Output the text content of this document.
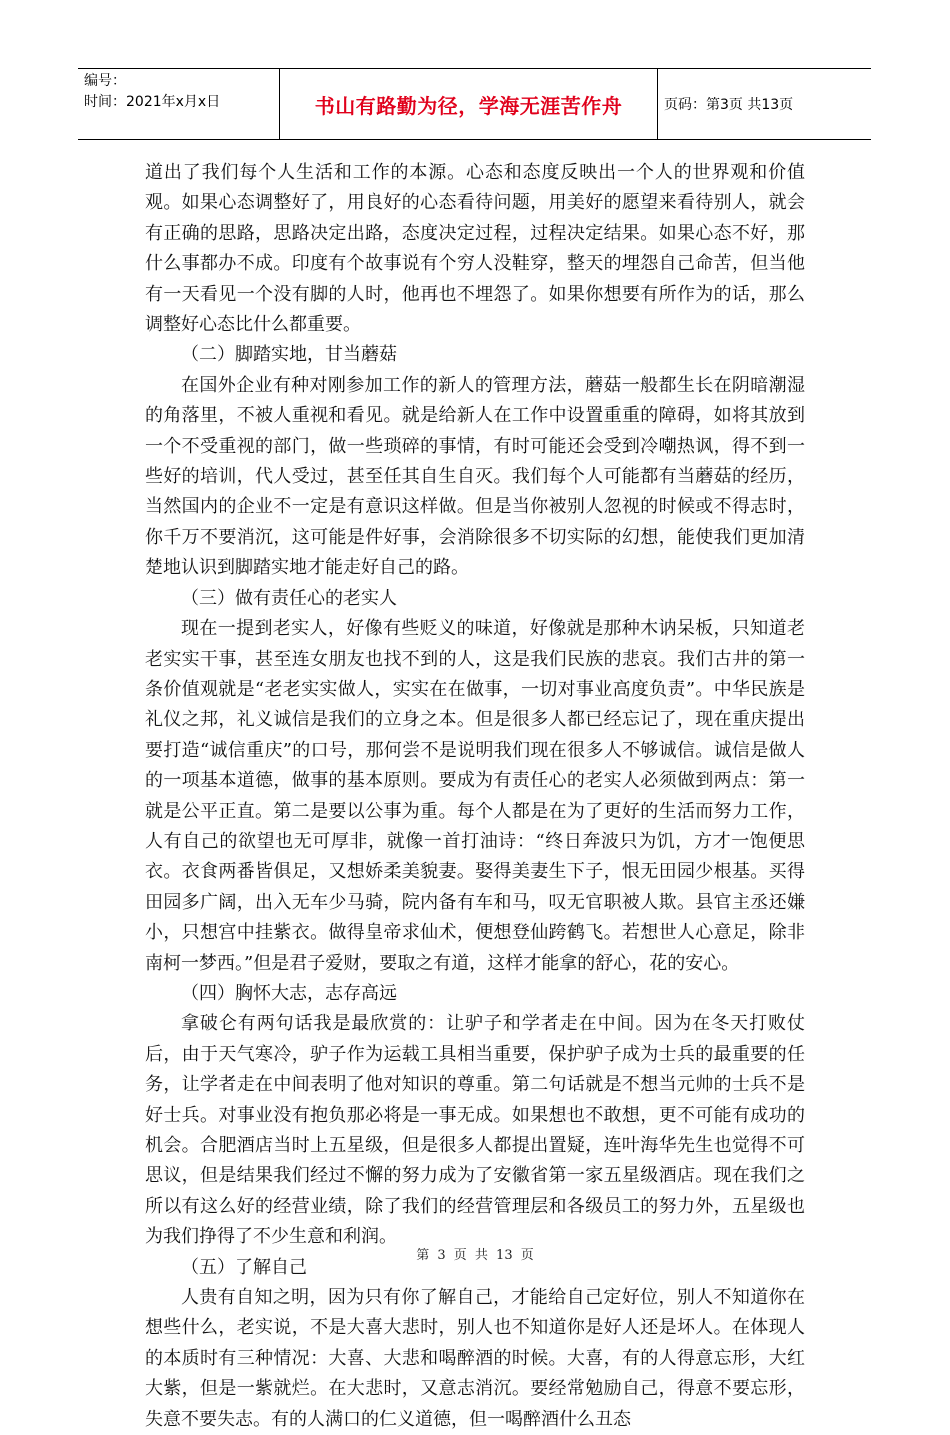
编号：
时间：2021年x月x日	书山有路勤为径，学海无涯苦作舟	页码：第3页 共13页

道出了我们每个人生活和工作的本源。心态和态度反映出一个人的世界观和价值观。如果心态调整好了，用良好的心态看待问题，用美好的愿望来看待别人，就会有正确的思路，思路决定出路，态度决定过程，过程决定结果。如果心态不好，那什么事都办不成。印度有个故事说有个穷人没鞋穿，整天的埋怨自己命苦，但当他有一天看见一个没有脚的人时，他再也不埋怨了。如果你想要有所作为的话，那么调整好心态比什么都重要。

（二）脚踏实地，甘当蘑菇

在国外企业有种对刚参加工作的新人的管理方法，蘑菇一般都生长在阴暗潮湿的角落里，不被人重视和看见。就是给新人在工作中设置重重的障碍，如将其放到一个不受重视的部门，做一些琐碎的事情，有时可能还会受到冷嘲热讽，得不到一些好的培训，代人受过，甚至任其自生自灭。我们每个人可能都有当蘑菇的经历，当然国内的企业不一定是有意识这样做。但是当你被别人忽视的时候或不得志时，你千万不要消沉，这可能是件好事，会消除很多不切实际的幻想，能使我们更加清楚地认识到脚踏实地才能走好自己的路。

（三）做有责任心的老实人

现在一提到老实人，好像有些贬义的味道，好像就是那种木讷呆板，只知道老老实实干事，甚至连女朋友也找不到的人，这是我们民族的悲哀。我们古井的第一条价值观就是“老老实实做人，实实在在做事，一切对事业高度负责”。中华民族是礼仪之邦，礼义诚信是我们的立身之本。但是很多人都已经忘记了，现在重庆提出要打造“诚信重庆”的口号，那何尝不是说明我们现在很多人不够诚信。诚信是做人的一项基本道德，做事的基本原则。要成为有责任心的老实人必须做到两点：第一就是公平正直。第二是要以公事为重。每个人都是在为了更好的生活而努力工作，人有自己的欲望也无可厚非，就像一首打油诗：“终日奔波只为饥，方才一饱便思衣。衣食两番皆俱足，又想娇柔美貌妻。娶得美妻生下子，恨无田园少根基。买得田园多广阔，出入无车少马骑，院内备有车和马，叹无官职被人欺。县官主丞还嫌小，只想宫中挂紫衣。做得皇帝求仙术，便想登仙跨鹤飞。若想世人心意足，除非南柯一梦西。”但是君子爱财，要取之有道，这样才能拿的舒心，花的安心。

（四）胸怀大志，志存高远

拿破仑有两句话我是最欣赏的：让驴子和学者走在中间。因为在冬天打败仗后，由于天气寒冷，驴子作为运载工具相当重要，保护驴子成为士兵的最重要的任务，让学者走在中间表明了他对知识的尊重。第二句话就是不想当元帅的士兵不是好士兵。对事业没有抱负那必将是一事无成。如果想也不敢想，更不可能有成功的机会。合肥酒店当时上五星级，但是很多人都提出置疑，连叶海华先生也觉得不可思议，但是结果我们经过不懈的努力成为了安徽省第一家五星级酒店。现在我们之所以有这么好的经营业绩，除了我们的经营管理层和各级员工的努力外，五星级也为我们挣得了不少生意和利润。

（五）了解自己

人贵有自知之明，因为只有你了解自己，才能给自己定好位，别人不知道你在想些什么，老实说，不是大喜大悲时，别人也不知道你是好人还是坏人。在体现人的本质时有三种情况：大喜、大悲和喝醉酒的时候。大喜，有的人得意忘形，大红大紫，但是一紫就烂。在大悲时，又意志消沉。要经常勉励自己，得意不要忘形，失意不要失志。有的人满口的仁义道德，但一喝醉酒什么丑态

第 3 页 共 13 页
